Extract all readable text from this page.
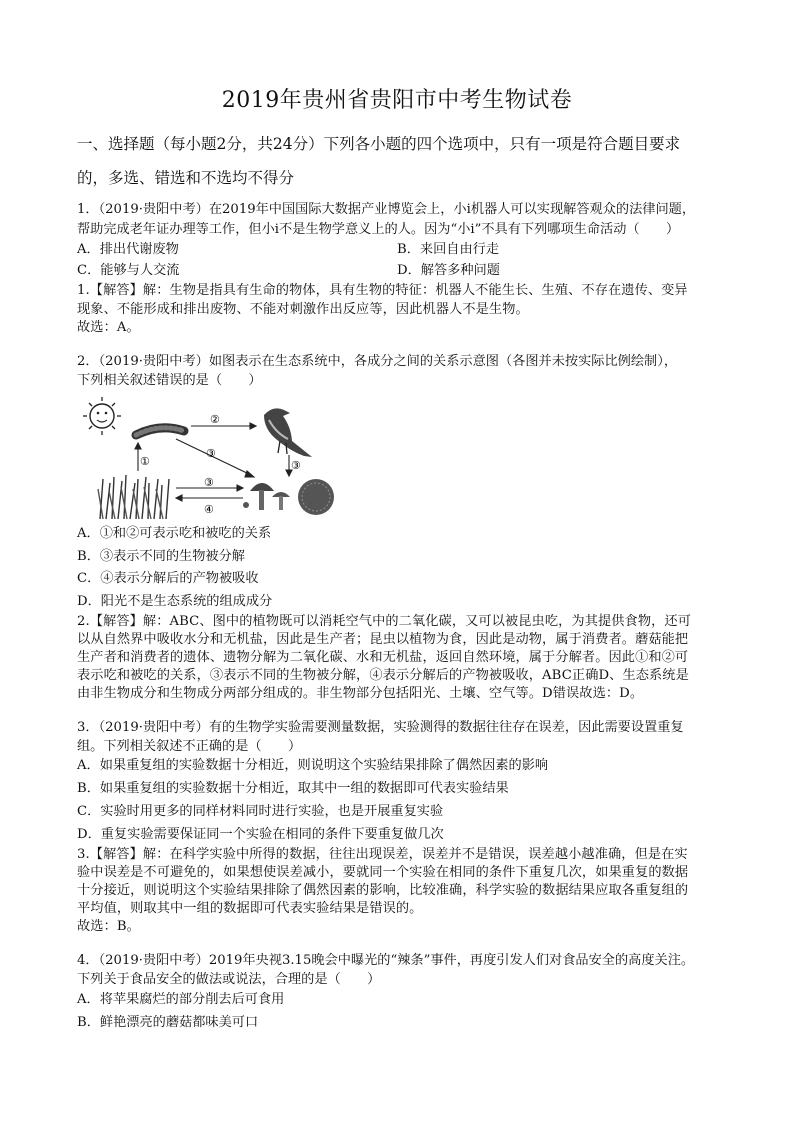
2019年贵州省贵阳市中考生物试卷
一、选择题（每小题2分，共24分）下列各小题的四个选项中，只有一项是符合题目要求
的，多选、错选和不选均不得分
1．（2019·贵阳中考）在2019年中国国际大数据产业博览会上，小i机器人可以实现解答观众的法律问题，
帮助完成老年证办理等工作，但小i不是生物学意义上的人。因为“小i”不具有下列哪项生命活动（　　）
A．排出代谢废物	B．来回自由行走
C．能够与人交流	D．解答多种问题
1.【解答】解：生物是指具有生命的物体，具有生物的特征：机器人不能生长、生殖、不存在遗传、变异
现象、不能形成和排出废物、不能对刺激作出反应等，因此机器人不是生物。
故选：A。
2．（2019·贵阳中考）如图表示在生态系统中，各成分之间的关系示意图（各图并未按实际比例绘制），
下列相关叙述错误的是（　　）
②
③
①	③
③
④
A．①和②可表示吃和被吃的关系
B．③表示不同的生物被分解
C．④表示分解后的产物被吸收
D．阳光不是生态系统的组成成分
2.【解答】解：ABC、图中的植物既可以消耗空气中的二氧化碳，又可以被昆虫吃，为其提供食物，还可
以从自然界中吸收水分和无机盐，因此是生产者；昆虫以植物为食，因此是动物，属于消费者。蘑菇能把
生产者和消费者的遗体、遗物分解为二氧化碳、水和无机盐，返回自然环境，属于分解者。因此①和②可
表示吃和被吃的关系，③表示不同的生物被分解，④表示分解后的产物被吸收，ABC正确D、生态系统是
由非生物成分和生物成分两部分组成的。非生物部分包括阳光、土壤、空气等。D错误故选：D。
3．（2019·贵阳中考）有的生物学实验需要测量数据，实验测得的数据往往存在误差，因此需要设置重复
组。下列相关叙述不正确的是（　　）
A．如果重复组的实验数据十分相近，则说明这个实验结果排除了偶然因素的影响
B．如果重复组的实验数据十分相近，取其中一组的数据即可代表实验结果
C．实验时用更多的同样材料同时进行实验，也是开展重复实验
D．重复实验需要保证同一个实验在相同的条件下要重复做几次
3.【解答】解：在科学实验中所得的数据，往往出现误差，误差并不是错误，误差越小越准确，但是在实
验中误差是不可避免的，如果想使误差减小，要就同一个实验在相同的条件下重复几次，如果重复的数据
十分接近，则说明这个实验结果排除了偶然因素的影响，比较准确，科学实验的数据结果应取各重复组的
平均值，则取其中一组的数据即可代表实验结果是错误的。
故选：B。
4．（2019·贵阳中考）2019年央视3.15晚会中曝光的“辣条”事件，再度引发人们对食品安全的高度关注。
下列关于食品安全的做法或说法，合理的是（　　）
A．将苹果腐烂的部分削去后可食用
B．鲜艳漂亮的蘑菇都味美可口
